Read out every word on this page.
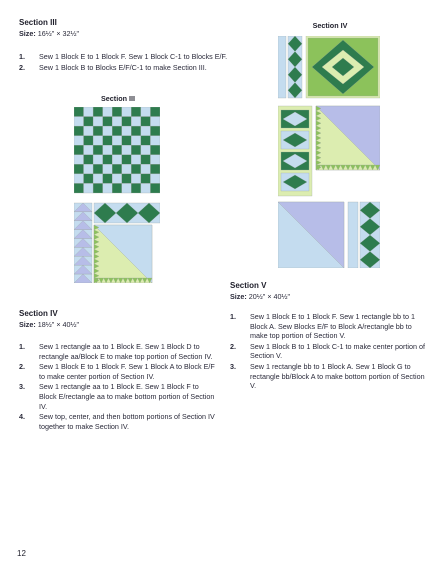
Section III
Size: 16½" × 32½"
1. Sew 1 Block E to 1 Block F. Sew 1 Block C-1 to Blocks E/F.
2. Sew 1 Block B to Blocks E/F/C-1 to make Section III.
Section III
Section IV
Size: 18½" × 40½"
1. Sew 1 rectangle aa to 1 Block E. Sew 1 Block D to rectangle aa/Block E to make top portion of Section IV.
2. Sew 1 Block E to 1 Block F. Sew 1 Block A to Block E/F to make center portion of Section IV.
3. Sew 1 rectangle aa to 1 Block E. Sew 1 Block F to Block E/rectangle aa to make bottom portion of Section IV.
4. Sew top, center, and then bottom portions of Section IV together to make Section IV.
Section IV
Section V
Size: 20½" × 40½"
1. Sew 1 Block E to 1 Block F. Sew 1 rectangle bb to 1 Block A. Sew Blocks E/F to Block A/rectangle bb to make top portion of Section V.
2. Sew 1 Block B to 1 Block C-1 to make center portion of Section V.
3. Sew 1 rectangle bb to 1 Block A. Sew 1 Block G to rectangle bb/Block A to make bottom portion of Section V.
12
